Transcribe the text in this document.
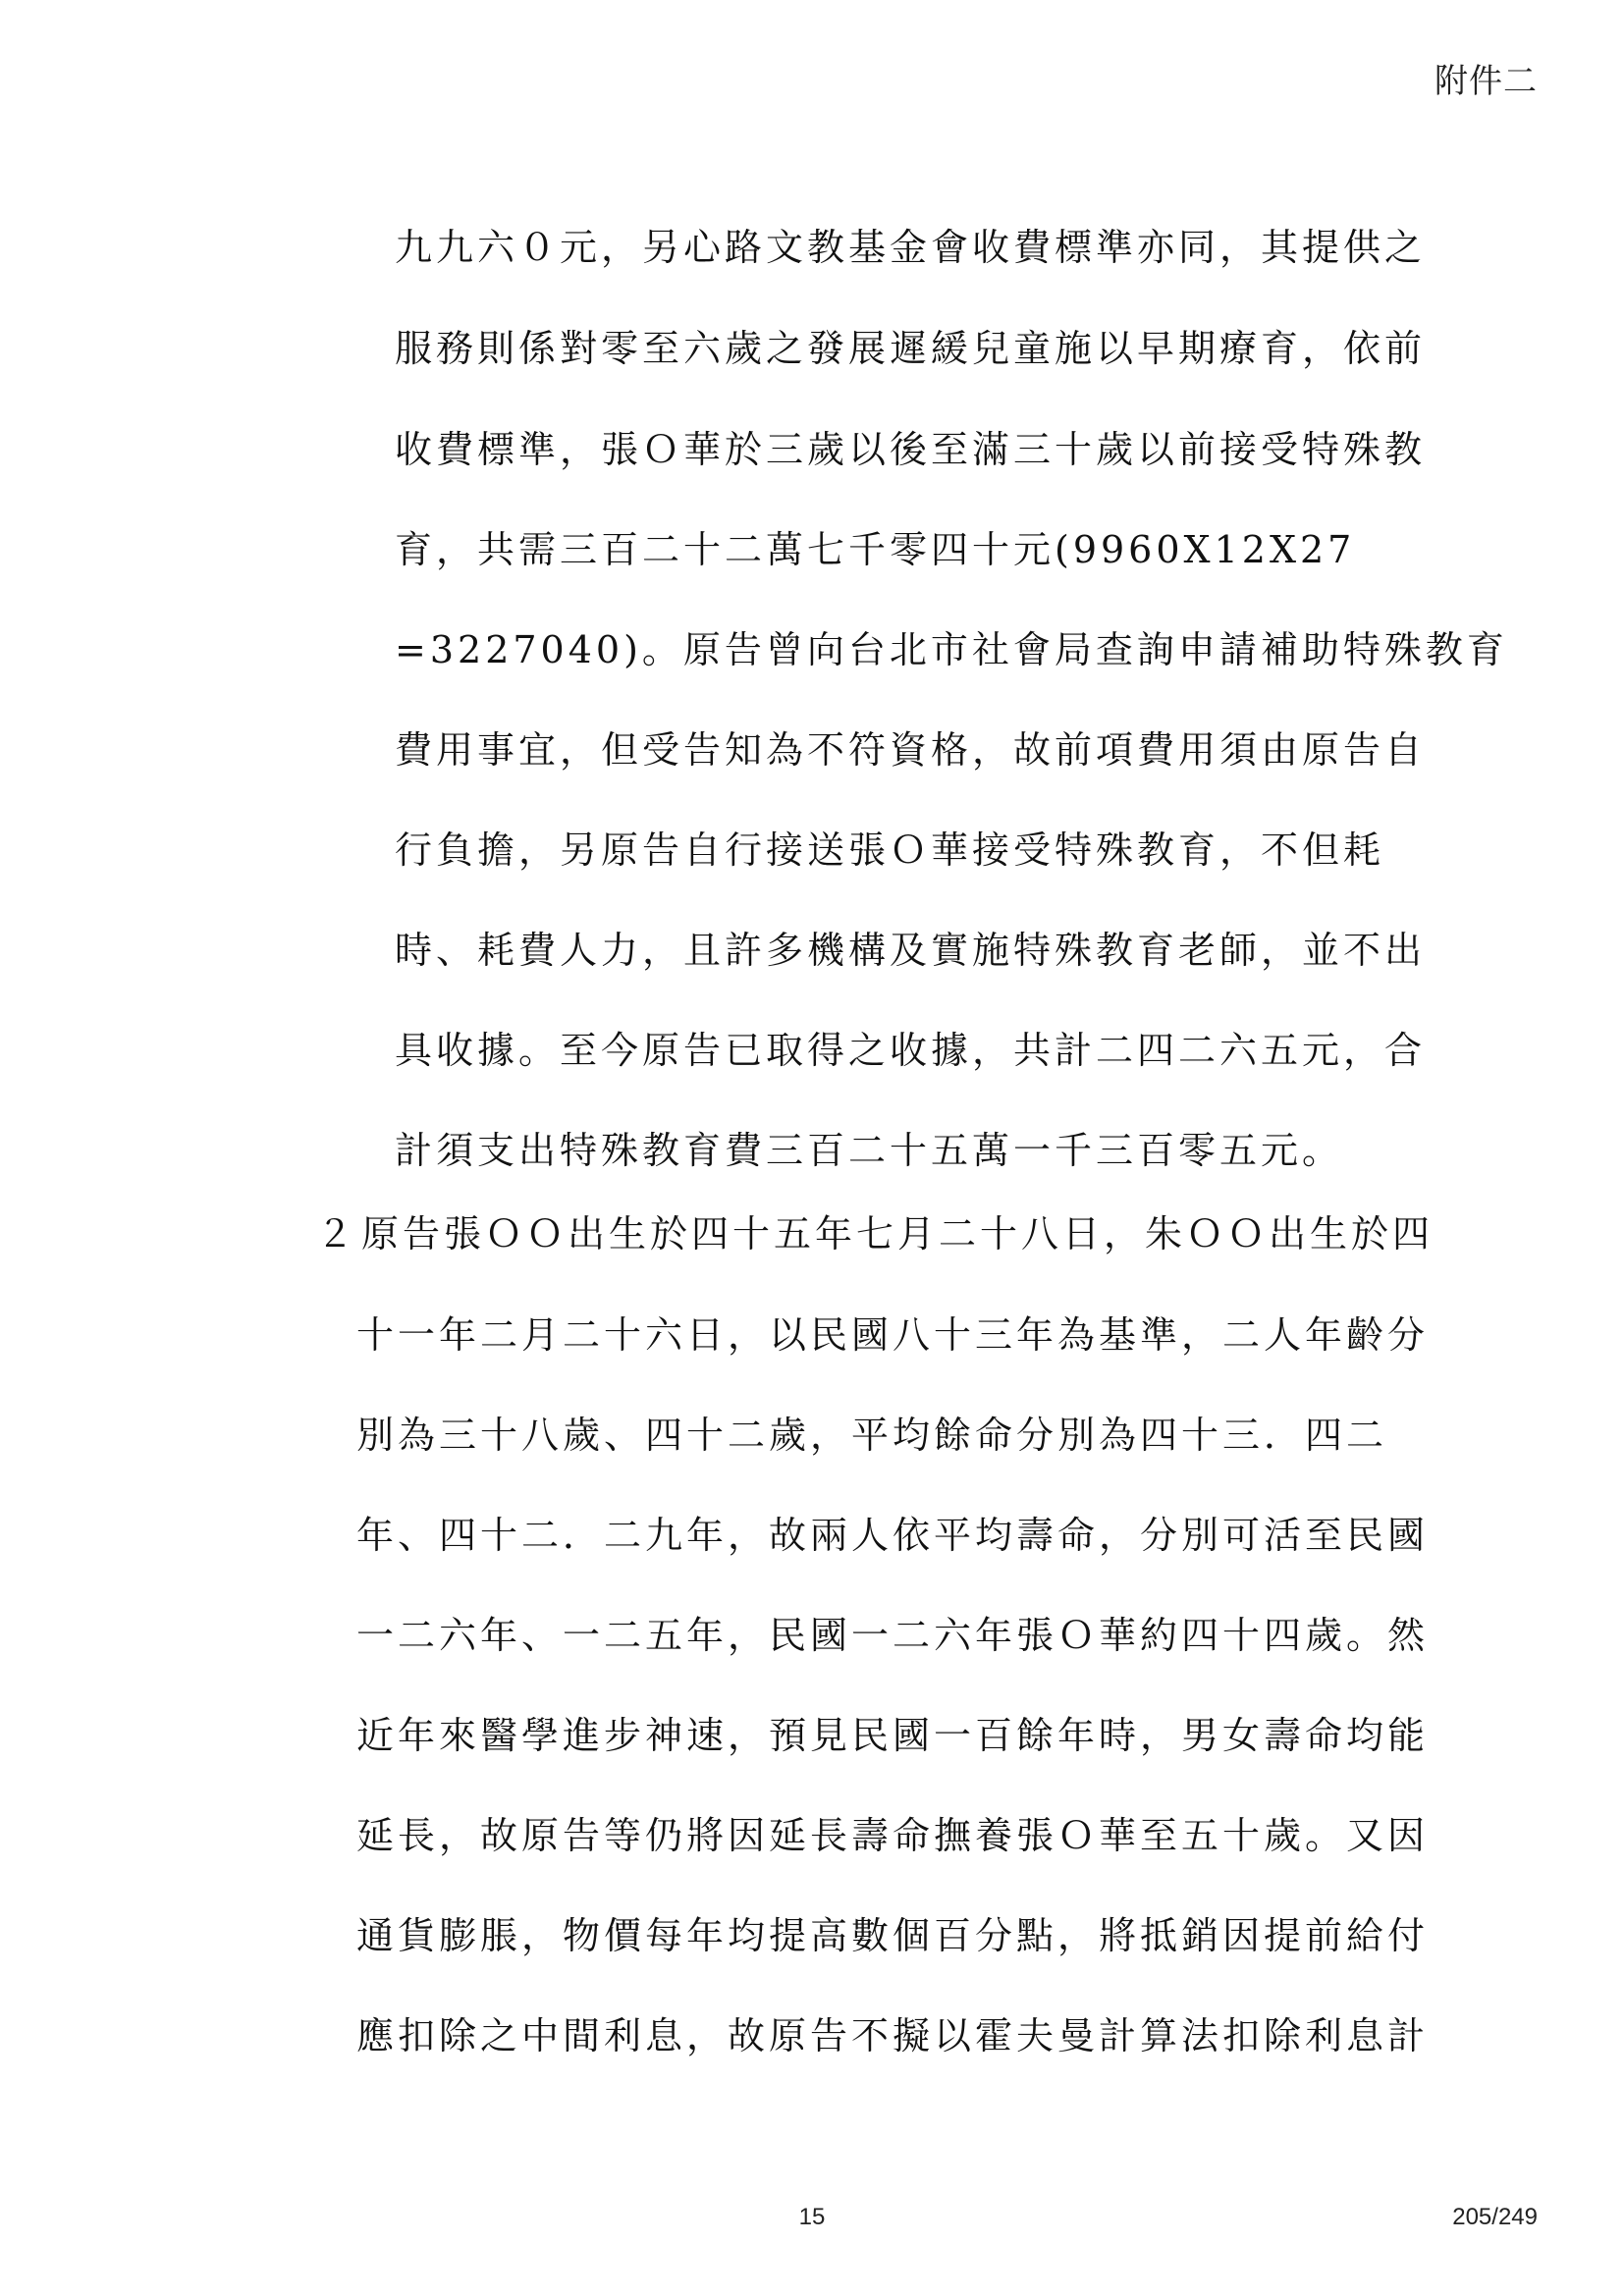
附件二
九九六０元，另心路文教基金會收費標準亦同，其提供之
服務則係對零至六歲之發展遲緩兒童施以早期療育，依前
收費標準，張Ｏ華於三歲以後至滿三十歲以前接受特殊教
育，共需三百二十二萬七千零四十元(9960X12X27
=3227040)。原告曾向台北市社會局查詢申請補助特殊教育
費用事宜，但受告知為不符資格，故前項費用須由原告自
行負擔，另原告自行接送張Ｏ華接受特殊教育，不但耗
時、耗費人力，且許多機構及實施特殊教育老師，並不出
具收據。至今原告已取得之收據，共計二四二六五元，合
計須支出特殊教育費三百二十五萬一千三百零五元。
２ 原告張ＯＯ出生於四十五年七月二十八日，朱ＯＯ出生於四
十一年二月二十六日，以民國八十三年為基準，二人年齡分
別為三十八歲、四十二歲，平均餘命分別為四十三．四二
年、四十二．二九年，故兩人依平均壽命，分別可活至民國
一二六年、一二五年，民國一二六年張Ｏ華約四十四歲。然
近年來醫學進步神速，預見民國一百餘年時，男女壽命均能
延長，故原告等仍將因延長壽命撫養張Ｏ華至五十歲。又因
通貨膨脹，物價每年均提高數個百分點，將抵銷因提前給付
應扣除之中間利息，故原告不擬以霍夫曼計算法扣除利息計
15	205/249
